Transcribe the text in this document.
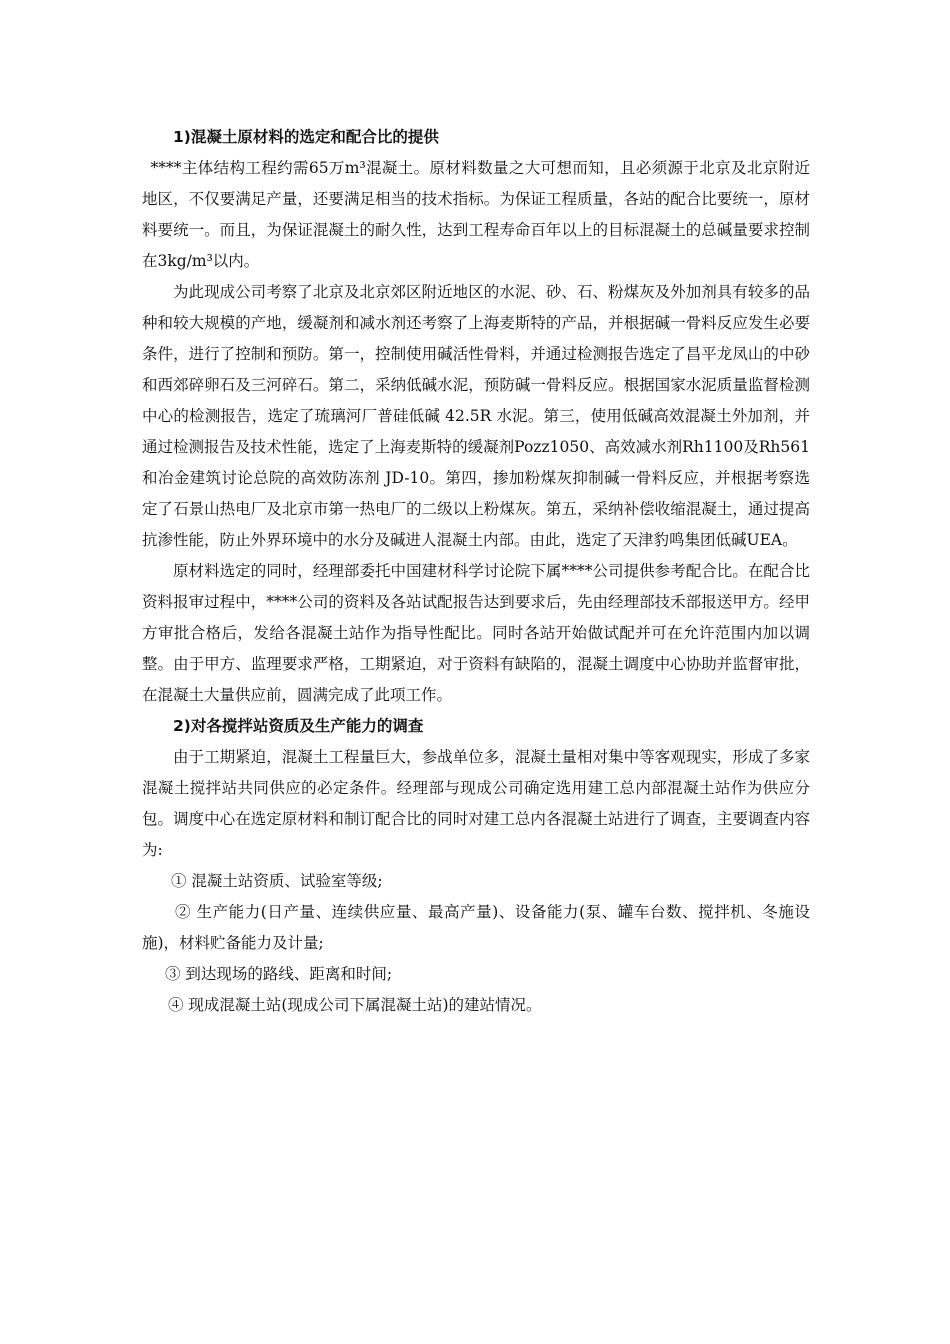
1)混凝土原材料的选定和配合比的提供

****主体结构工程约需65万m³混凝土。原材料数量之大可想而知，且必须源于北京及北京附近地区，不仅要满足产量，还要满足相当的技术指标。为保证工程质量，各站的配合比要统一，原材料要统一。而且，为保证混凝土的耐久性，达到工程寿命百年以上的目标混凝土的总碱量要求控制在3kg/m³以内。

为此现成公司考察了北京及北京郊区附近地区的水泥、砂、石、粉煤灰及外加剂具有较多的品种和较大规模的产地，缓凝剂和减水剂还考察了上海麦斯特的产品，并根据碱一骨料反应发生必要条件，进行了控制和预防。第一，控制使用碱活性骨料，并通过检测报告选定了昌平龙凤山的中砂和西郊碎卵石及三河碎石。第二，采纳低碱水泥，预防碱一骨料反应。根据国家水泥质量监督检测中心的检测报告，选定了琉璃河厂普硅低碱 42.5R 水泥。第三，使用低碱高效混凝土外加剂，并通过检测报告及技术性能，选定了上海麦斯特的缓凝剂Pozz1050、高效减水剂Rh1100及Rh561和冶金建筑讨论总院的高效防冻剂 JD-10。第四，掺加粉煤灰抑制碱一骨料反应，并根据考察选定了石景山热电厂及北京市第一热电厂的二级以上粉煤灰。第五，采纳补偿收缩混凝土，通过提高抗渗性能，防止外界环境中的水分及碱进人混凝土内部。由此，选定了天津豹鸣集团低碱UEA。

原材料选定的同时，经理部委托中国建材科学讨论院下属****公司提供参考配合比。在配合比资料报审过程中，****公司的资料及各站试配报告达到要求后，先由经理部技禾部报送甲方。经甲方审批合格后，发给各混凝土站作为指导性配比。同时各站开始做试配并可在允许范围内加以调整。由于甲方、监理要求严格，工期紧迫，对于资料有缺陷的，混凝土调度中心协助并监督审批，在混凝土大量供应前，圆满完成了此项工作。

2)对各搅拌站资质及生产能力的调查

由于工期紧迫，混凝土工程量巨大，参战单位多，混凝土量相对集中等客观现实，形成了多家混凝土搅拌站共同供应的必定条件。经理部与现成公司确定选用建工总内部混凝土站作为供应分包。调度中心在选定原材料和制订配合比的同时对建工总内各混凝土站进行了调查，主要调查内容为:

① 混凝土站资质、试验室等级;

② 生产能力(日产量、连续供应量、最高产量)、设备能力(泵、罐车台数、搅拌机、冬施设施)，材料贮备能力及计量;

③ 到达现场的路线、距离和时间;

④ 现成混凝土站(现成公司下属混凝土站)的建站情况。
